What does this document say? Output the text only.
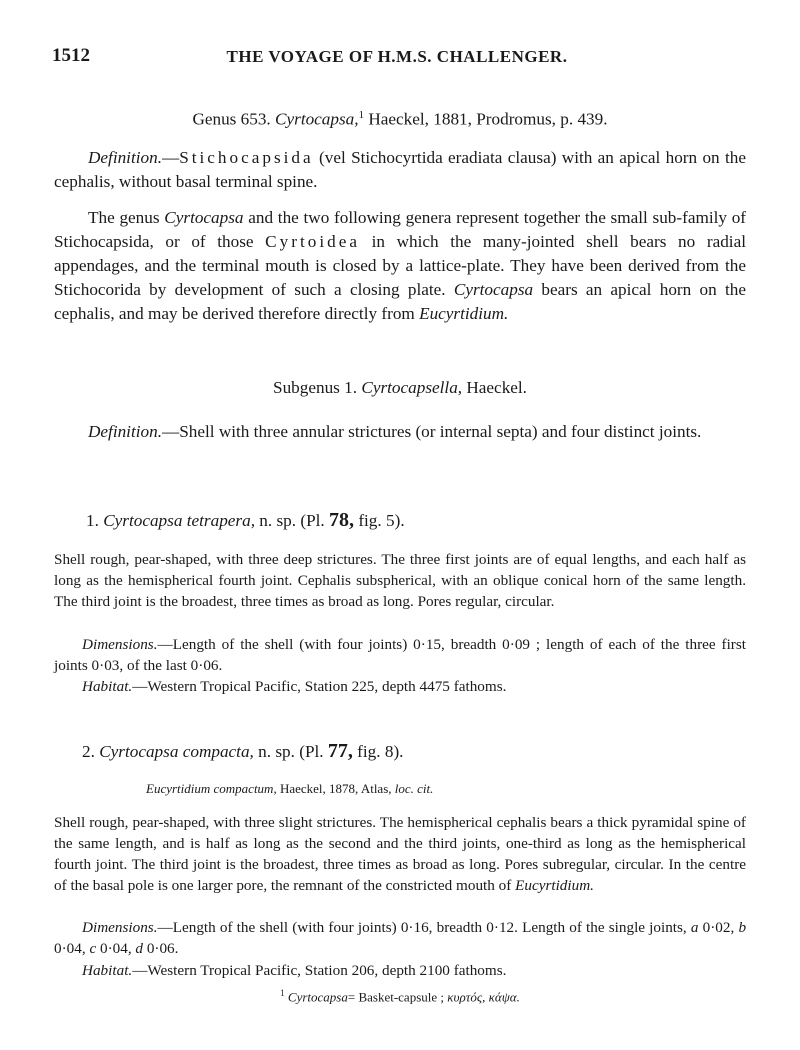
1512	THE VOYAGE OF H.M.S. CHALLENGER.
Genus 653. Cyrtocapsa,$^1$ Haeckel, 1881, Prodromus, p. 439.
Definition.—Stichocapsida (vel Stichocyrtida eradiata clausa) with an apical horn on the cephalis, without basal terminal spine.
The genus Cyrtocapsa and the two following genera represent together the small sub-family of Stichocapsida, or of those Cyrtoidea in which the many-jointed shell bears no radial appendages, and the terminal mouth is closed by a lattice-plate. They have been derived from the Stichocorida by development of such a closing plate. Cyrtocapsa bears an apical horn on the cephalis, and may be derived therefore directly from Eucyrtidium.
Subgenus 1. Cyrtocapsella, Haeckel.
Definition.—Shell with three annular strictures (or internal septa) and four distinct joints.
1. Cyrtocapsa tetrapera, n. sp. (Pl. 78, fig. 5).
Shell rough, pear-shaped, with three deep strictures. The three first joints are of equal lengths, and each half as long as the hemispherical fourth joint. Cephalis subspherical, with an oblique conical horn of the same length. The third joint is the broadest, three times as broad as long. Pores regular, circular.
Dimensions.—Length of the shell (with four joints) 0·15, breadth 0·09 ; length of each of the three first joints 0·03, of the last 0·06.
Habitat.—Western Tropical Pacific, Station 225, depth 4475 fathoms.
2. Cyrtocapsa compacta, n. sp. (Pl. 77, fig. 8).
Eucyrtidium compactum, Haeckel, 1878, Atlas, loc. cit.
Shell rough, pear-shaped, with three slight strictures. The hemispherical cephalis bears a thick pyramidal spine of the same length, and is half as long as the second and the third joints, one-third as long as the hemispherical fourth joint. The third joint is the broadest, three times as broad as long. Pores subregular, circular. In the centre of the basal pole is one larger pore, the remnant of the constricted mouth of Eucyrtidium.
Dimensions.—Length of the shell (with four joints) 0·16, breadth 0·12. Length of the single joints, a 0·02, b 0·04, c 0·04, d 0·06.
Habitat.—Western Tropical Pacific, Station 206, depth 2100 fathoms.
$^1$ Cyrtocapsa= Basket-capsule ; κυρτός, κάψα.
